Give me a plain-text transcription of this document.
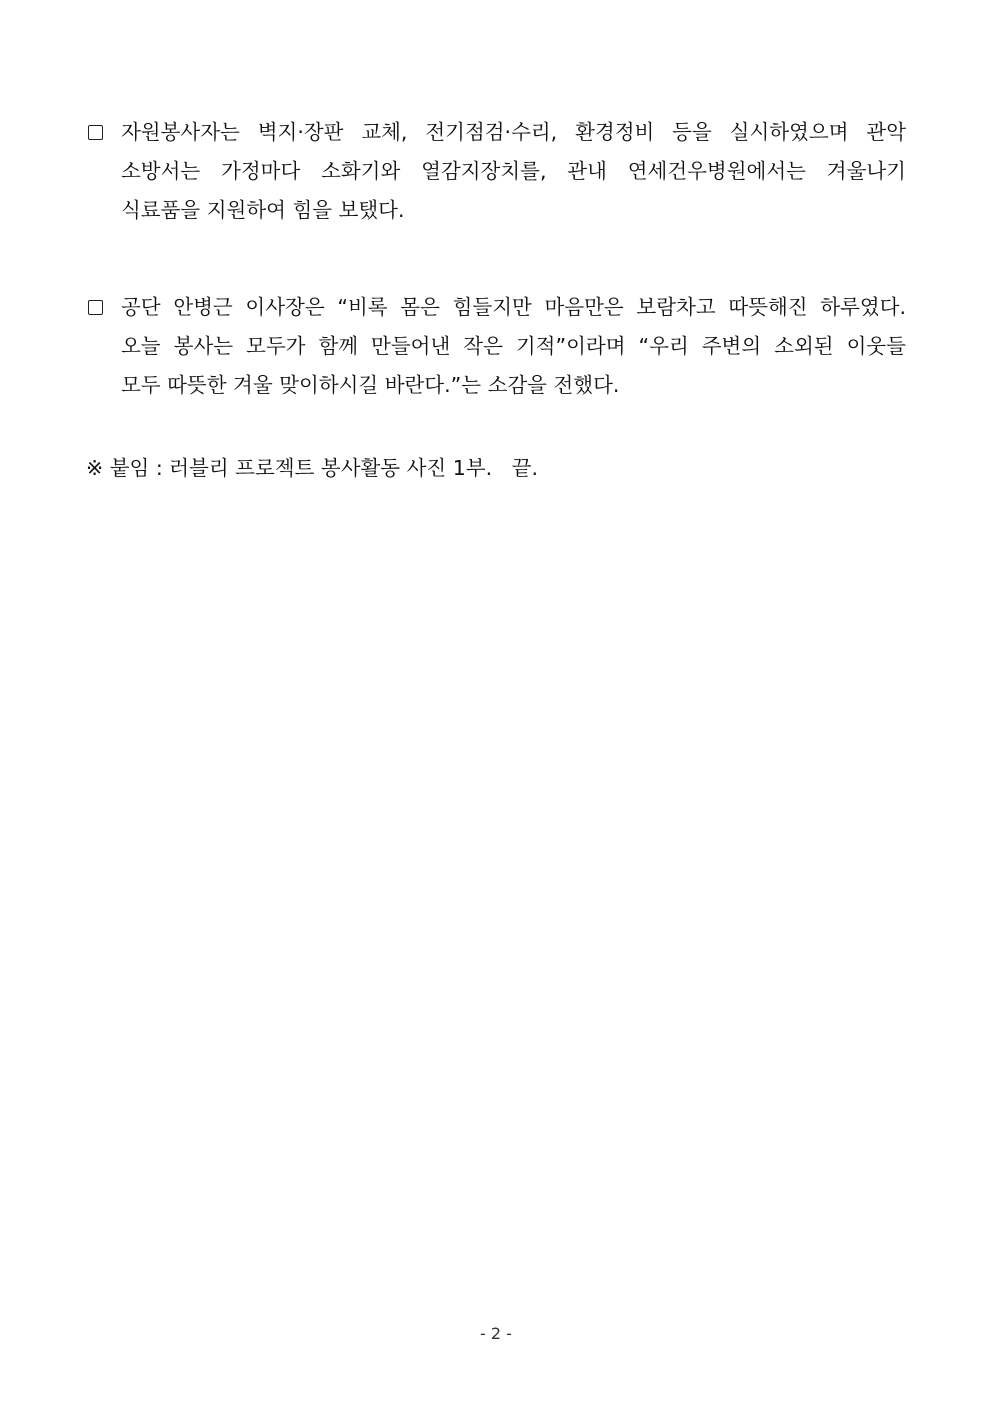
자원봉사자는 벽지·장판 교체, 전기점검·수리, 환경정비 등을 실시하였으며 관악
소방서는 가정마다 소화기와 열감지장치를, 관내 연세건우병원에서는 겨울나기
식료품을 지원하여 힘을 보탰다.
공단 안병근 이사장은 “비록 몸은 힘들지만 마음만은 보람차고 따뜻해진 하루였다.
오늘 봉사는 모두가 함께 만들어낸 작은 기적”이라며 “우리 주변의 소외된 이웃들
모두 따뜻한 겨울 맞이하시길 바란다.”는 소감을 전했다.
※ 붙임 : 러블리 프로젝트 봉사활동 사진 1부.   끝.
- 2 -
